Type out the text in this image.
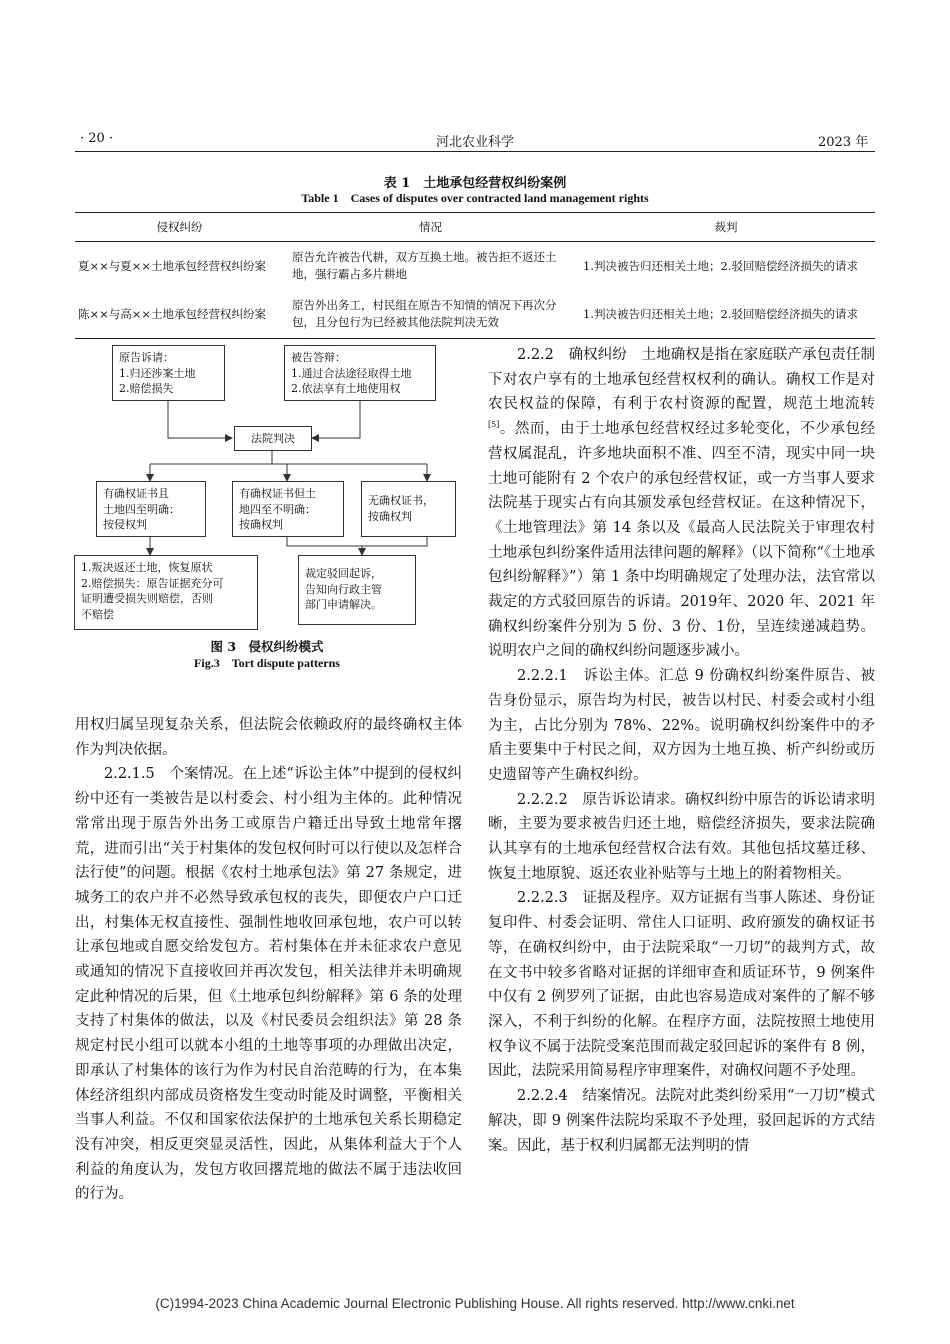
· 20 ·	河北农业科学	2023 年
表 1　土地承包经营权纠纷案例
Table 1　Cases of disputes over contracted land management rights
侵权纠纷	情况	裁判
夏××与夏××土地承包经营权纠纷案	原告允许被告代耕，双方互换土地。被告拒不返还土地，强行霸占多片耕地	1.判决被告归还相关土地；2.驳回赔偿经济损失的请求
陈××与高××土地承包经营权纠纷案	原告外出务工，村民组在原告不知情的情况下再次分包，且分包行为已经被其他法院判决无效	1.判决被告归还相关土地；2.驳回赔偿经济损失的请求
原告诉请：
1.归还涉案土地
2.赔偿损失
被告答辩：
1.通过合法途径取得土地
2.依法享有土地使用权
法院判决
有确权证书且
土地四至明确：
按侵权判
有确权证书但土
地四至不明确：
按确权判
无确权证书，
按确权判
1.叛决返还土地，恢复原状
2.赔偿损失：原告证据充分可
证明遭受损失则赔偿，否则
不赔偿
裁定驳回起诉，
告知向行政主管
部门申请解决。
图 3　侵权纠纷模式
Fig.3　Tort dispute patterns

用权归属呈现复杂关系，但法院会依赖政府的最终确权主体作为判决依据。

2.2.1.5　个案情况。在上述“诉讼主体”中提到的侵权纠纷中还有一类被告是以村委会、村小组为主体的。此种情况常常出现于原告外出务工或原告户籍迁出导致土地常年撂荒，进而引出“关于村集体的发包权何时可以行使以及怎样合法行使”的问题。根据《农村土地承包法》第 27 条规定，进城务工的农户并不必然导致承包权的丧失，即便农户户口迁出，村集体无权直接性、强制性地收回承包地，农户可以转让承包地或自愿交给发包方。若村集体在并未征求农户意见或通知的情况下直接收回并再次发包，相关法律并未明确规定此种情况的后果，但《土地承包纠纷解释》第 6 条的处理支持了村集体的做法，以及《村民委员会组织法》第 28 条规定村民小组可以就本小组的土地等事项的办理做出决定，即承认了村集体的该行为作为村民自治范畴的行为，在本集体经济组织内部成员资格发生变动时能及时调整，平衡相关当事人利益。不仅和国家依法保护的土地承包关系长期稳定没有冲突，相反更突显灵活性，因此，从集体利益大于个人利益的角度认为，发包方收回撂荒地的做法不属于违法收回的行为。

2.2.2　确权纠纷　土地确权是指在家庭联产承包责任制下对农户享有的土地承包经营权权利的确认。确权工作是对农民权益的保障，有利于农村资源的配置，规范土地流转[5]。然而，由于土地承包经营权经过多轮变化，不少承包经营权属混乱，许多地块面积不准、四至不清，现实中同一块土地可能附有 2 个农户的承包经营权证，或一方当事人要求法院基于现实占有向其颁发承包经营权证。在这种情况下，《土地管理法》第 14 条以及《最高人民法院关于审理农村土地承包纠纷案件适用法律问题的解释》（以下简称“《土地承包纠纷解释》”）第 1 条中均明确规定了处理办法，法官常以裁定的方式驳回原告的诉请。2019年、2020 年、2021 年确权纠纷案件分别为 5 份、3 份、1份，呈连续递减趋势。说明农户之间的确权纠纷问题逐步减小。

2.2.2.1　诉讼主体。汇总 9 份确权纠纷案件原告、被告身份显示，原告均为村民，被告以村民、村委会或村小组为主，占比分别为 78%、22%。说明确权纠纷案件中的矛盾主要集中于村民之间，双方因为土地互换、析产纠纷或历史遗留等产生确权纠纷。

2.2.2.2　原告诉讼请求。确权纠纷中原告的诉讼请求明晰，主要为要求被告归还土地，赔偿经济损失，要求法院确认其享有的土地承包经营权合法有效。其他包括坟墓迁移、恢复土地原貌、返还农业补贴等与土地上的附着物相关。

2.2.2.3　证据及程序。双方证据有当事人陈述、身份证复印件、村委会证明、常住人口证明、政府颁发的确权证书等，在确权纠纷中，由于法院采取“一刀切”的裁判方式，故在文书中较多省略对证据的详细审查和质证环节，9 例案件中仅有 2 例罗列了证据，由此也容易造成对案件的了解不够深入，不利于纠纷的化解。在程序方面，法院按照土地使用权争议不属于法院受案范围而裁定驳回起诉的案件有 8 例，因此，法院采用简易程序审理案件，对确权问题不予处理。

2.2.2.4　结案情况。法院对此类纠纷采用“一刀切”模式解决，即 9 例案件法院均采取不予处理，驳回起诉的方式结案。因此，基于权利归属都无法判明的情

(C)1994-2023 China Academic Journal Electronic Publishing House. All rights reserved. http://www.cnki.net
